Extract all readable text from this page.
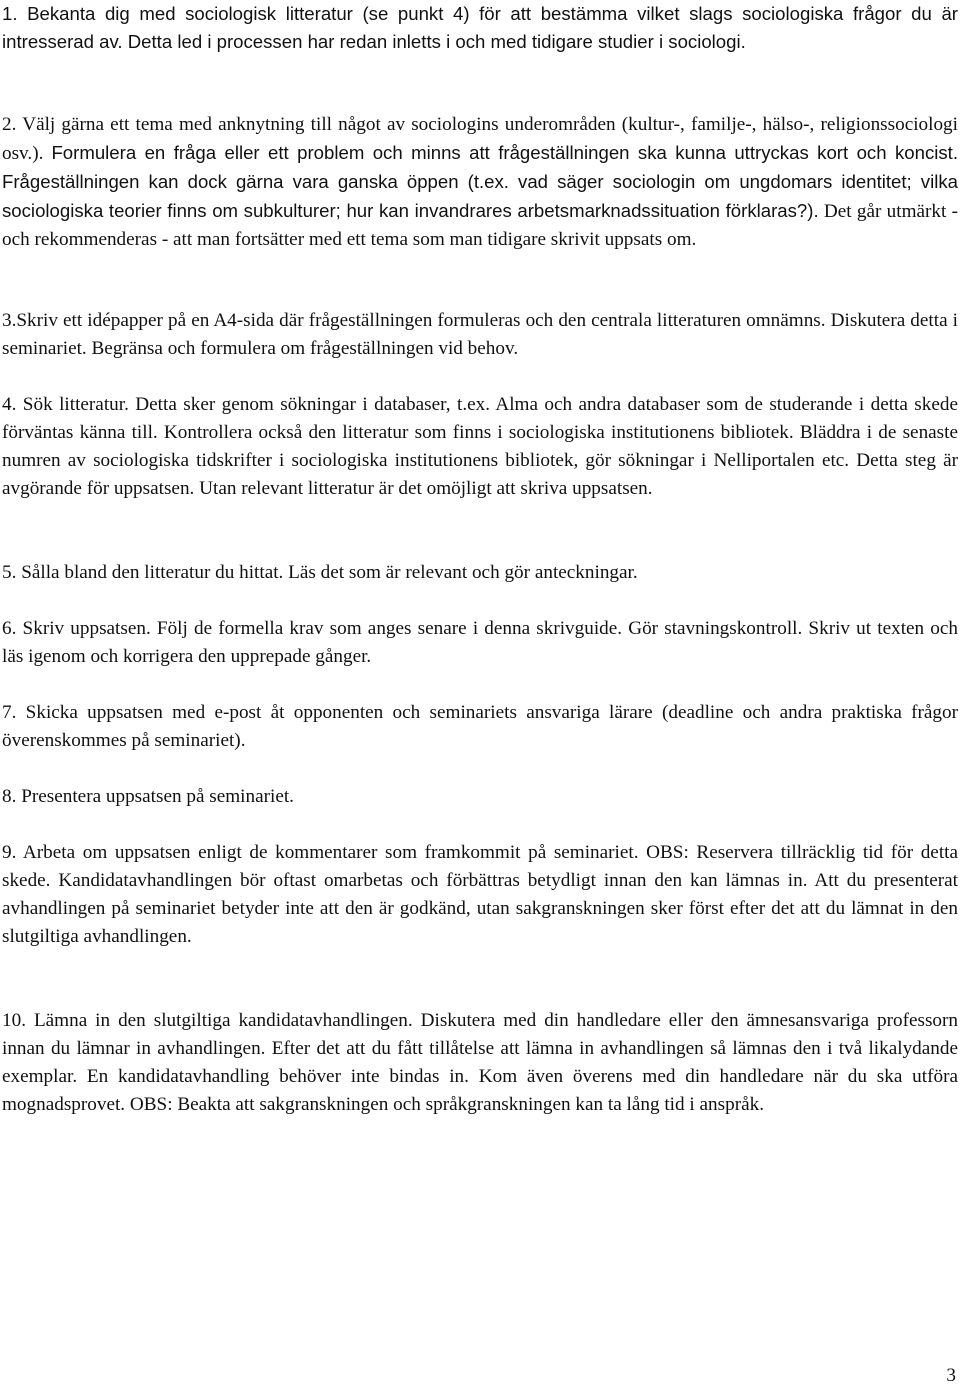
1. Bekanta dig med sociologisk litteratur (se punkt 4) för att bestämma vilket slags sociologiska frågor du är intresserad av. Detta led i processen har redan inletts i och med tidigare studier i sociologi.

2. Välj gärna ett tema med anknytning till något av sociologins underområden (kultur-, familje-, hälso-, religionssociologi osv.). Formulera en fråga eller ett problem och minns att frågeställningen ska kunna uttryckas kort och koncist. Frågeställningen kan dock gärna vara ganska öppen (t.ex. vad säger sociologin om ungdomars identitet; vilka sociologiska teorier finns om subkulturer; hur kan invandrares arbetsmarknadssituation förklaras?). Det går utmärkt - och rekommenderas - att man fortsätter med ett tema som man tidigare skrivit uppsats om.

3.Skriv ett idépapper på en A4-sida där frågeställningen formuleras och den centrala litteraturen omnämns. Diskutera detta i seminariet. Begränsa och formulera om frågeställningen vid behov.

4. Sök litteratur. Detta sker genom sökningar i databaser, t.ex. Alma och andra databaser som de studerande i detta skede förväntas känna till. Kontrollera också den litteratur som finns i sociologiska institutionens bibliotek. Bläddra i de senaste numren av sociologiska tidskrifter i sociologiska institutionens bibliotek, gör sökningar i Nelliportalen etc. Detta steg är avgörande för uppsatsen. Utan relevant litteratur är det omöjligt att skriva uppsatsen.

5. Sålla bland den litteratur du hittat. Läs det som är relevant och gör anteckningar.

6. Skriv uppsatsen. Följ de formella krav som anges senare i denna skrivguide. Gör stavningskontroll. Skriv ut texten och läs igenom och korrigera den upprepade gånger.

7. Skicka uppsatsen med e-post åt opponenten och seminariets ansvariga lärare (deadline och andra praktiska frågor överenskommes på seminariet).

8. Presentera uppsatsen på seminariet.

9. Arbeta om uppsatsen enligt de kommentarer som framkommit på seminariet. OBS: Reservera tillräcklig tid för detta skede. Kandidatavhandlingen bör oftast omarbetas och förbättras betydligt innan den kan lämnas in. Att du presenterat avhandlingen på seminariet betyder inte att den är godkänd, utan sakgranskningen sker först efter det att du lämnat in den slutgiltiga avhandlingen.

10. Lämna in den slutgiltiga kandidatavhandlingen. Diskutera med din handledare eller den ämnesansvariga professorn innan du lämnar in avhandlingen. Efter det att du fått tillåtelse att lämna in avhandlingen så lämnas den i två likalydande exemplar. En kandidatavhandling behöver inte bindas in. Kom även överens med din handledare när du ska utföra mognadsprovet. OBS: Beakta att sakgranskningen och språkgranskningen kan ta lång tid i anspråk.

3
